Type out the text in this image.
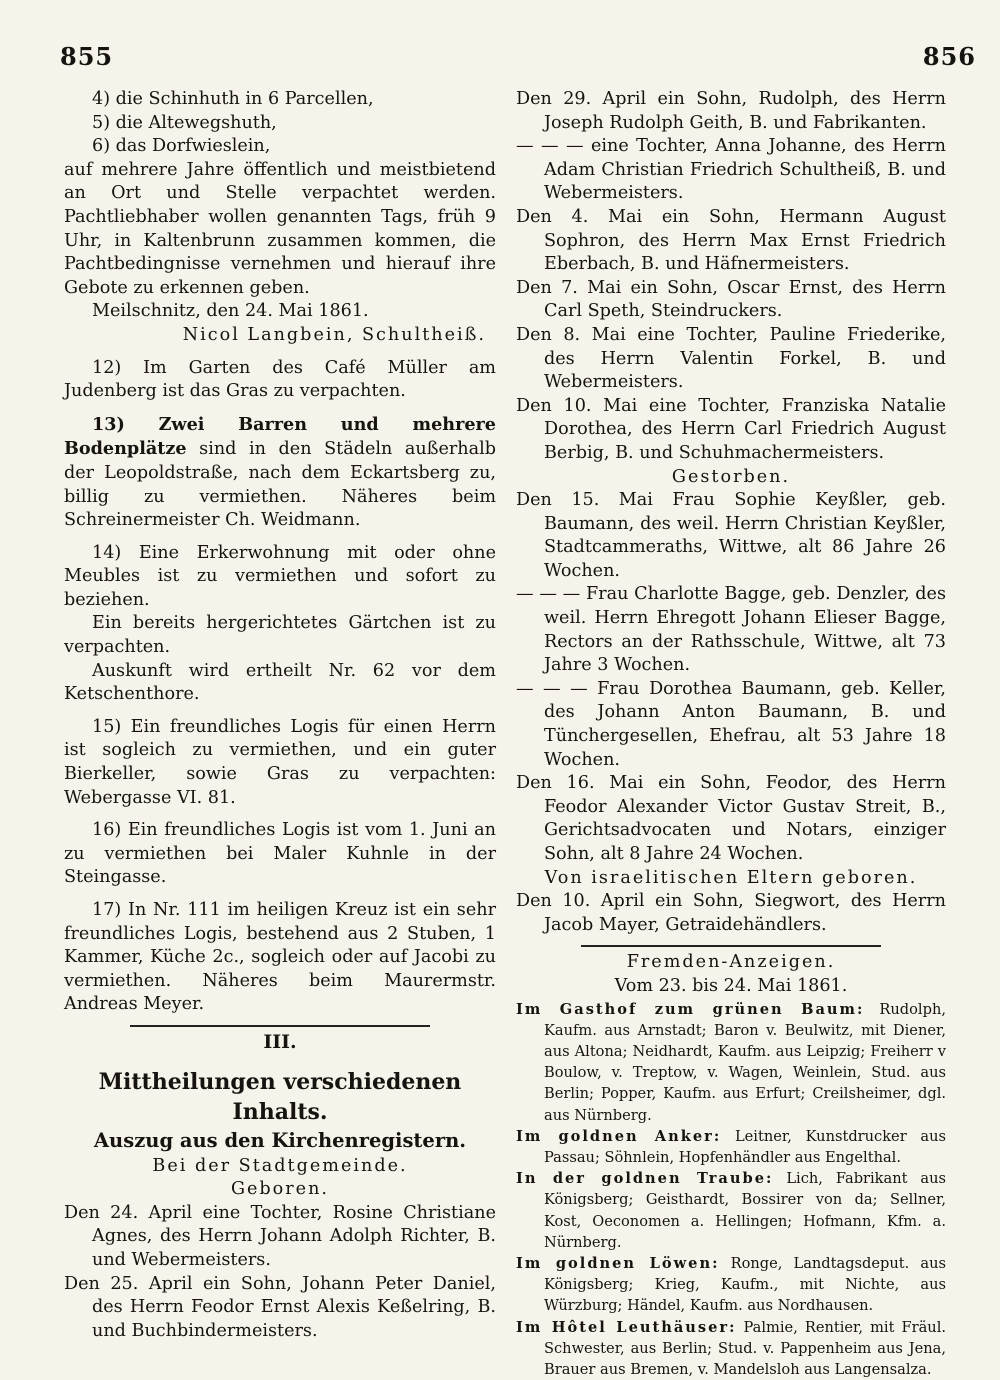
855	856

4) die Schinhuth in 6 Parcellen,

5) die Altewegshuth,

6) das Dorfwieslein,

auf mehrere Jahre öffentlich und meistbietend an Ort und Stelle verpachtet werden. Pachtliebhaber wollen genannten Tags, früh 9 Uhr, in Kaltenbrunn zusammen kommen, die Pachtbedingnisse vernehmen und hierauf ihre Gebote zu erkennen geben.

Meilschnitz, den 24. Mai 1861.

Nicol Langbein, Schultheiß.

12) Im Garten des Café Müller am Judenberg ist das Gras zu verpachten.

13) Zwei Barren und mehrere Bodenplätze sind in den Städeln außerhalb der Leopoldstraße, nach dem Eckartsberg zu, billig zu vermiethen. Näheres beim Schreinermeister Ch. Weidmann.

14) Eine Erkerwohnung mit oder ohne Meubles ist zu vermiethen und sofort zu beziehen.

Ein bereits hergerichtetes Gärtchen ist zu verpachten.

Auskunft wird ertheilt Nr. 62 vor dem Ketschenthore.

15) Ein freundliches Logis für einen Herrn ist sogleich zu vermiethen, und ein guter Bierkeller, sowie Gras zu verpachten: Webergasse VI. 81.

16) Ein freundliches Logis ist vom 1. Juni an zu vermiethen bei Maler Kuhnle in der Steingasse.

17) In Nr. 111 im heiligen Kreuz ist ein sehr freundliches Logis, bestehend aus 2 Stuben, 1 Kammer, Küche 2c., sogleich oder auf Jacobi zu vermiethen. Näheres beim Maurermstr. Andreas Meyer.

III.
Mittheilungen verschiedenen Inhalts.
Auszug aus den Kirchenregistern.

Bei der Stadtgemeinde.

Geboren.

Den 24. April eine Tochter, Rosine Christiane Agnes, des Herrn Johann Adolph Richter, B. und Webermeisters.

Den 25. April ein Sohn, Johann Peter Daniel, des Herrn Feodor Ernst Alexis Keßelring, B. und Buchbindermeisters.

Den 29. April ein Sohn, Rudolph, des Herrn Joseph Rudolph Geith, B. und Fabrikanten.

— — — eine Tochter, Anna Johanne, des Herrn Adam Christian Friedrich Schultheiß, B. und Webermeisters.

Den 4. Mai ein Sohn, Hermann August Sophron, des Herrn Max Ernst Friedrich Eberbach, B. und Häfnermeisters.

Den 7. Mai ein Sohn, Oscar Ernst, des Herrn Carl Speth, Steindruckers.

Den 8. Mai eine Tochter, Pauline Friederike, des Herrn Valentin Forkel, B. und Webermeisters.

Den 10. Mai eine Tochter, Franziska Natalie Dorothea, des Herrn Carl Friedrich August Berbig, B. und Schuhmachermeisters.

Gestorben.

Den 15. Mai Frau Sophie Keyßler, geb. Baumann, des weil. Herrn Christian Keyßler, Stadtcammeraths, Wittwe, alt 86 Jahre 26 Wochen.

— — — Frau Charlotte Bagge, geb. Denzler, des weil. Herrn Ehregott Johann Elieser Bagge, Rectors an der Rathsschule, Wittwe, alt 73 Jahre 3 Wochen.

— — — Frau Dorothea Baumann, geb. Keller, des Johann Anton Baumann, B. und Tünchergesellen, Ehefrau, alt 53 Jahre 18 Wochen.

Den 16. Mai ein Sohn, Feodor, des Herrn Feodor Alexander Victor Gustav Streit, B., Gerichtsadvocaten und Notars, einziger Sohn, alt 8 Jahre 24 Wochen.

Von israelitischen Eltern geboren.

Den 10. April ein Sohn, Siegwort, des Herrn Jacob Mayer, Getraidehändlers.

Fremden-Anzeigen.

Vom 23. bis 24. Mai 1861.

Im Gasthof zum grünen Baum: Rudolph, Kaufm. aus Arnstadt; Baron v. Beulwitz, mit Diener, aus Altona; Neidhardt, Kaufm. aus Leipzig; Freiherr v Boulow, v. Treptow, v. Wagen, Weinlein, Stud. aus Berlin; Popper, Kaufm. aus Erfurt; Creilsheimer, dgl. aus Nürnberg.

Im goldnen Anker: Leitner, Kunstdrucker aus Passau; Söhnlein, Hopfenhändler aus Engelthal.

In der goldnen Traube: Lich, Fabrikant aus Königsberg; Geisthardt, Bossirer von da; Sellner, Kost, Oeconomen a. Hellingen; Hofmann, Kfm. a. Nürnberg.

Im goldnen Löwen: Ronge, Landtagsdeput. aus Königsberg; Krieg, Kaufm., mit Nichte, aus Würzburg; Händel, Kaufm. aus Nordhausen.

Im Hôtel Leuthäuser: Palmie, Rentier, mit Fräul. Schwester, aus Berlin; Stud. v. Pappenheim aus Jena, Brauer aus Bremen, v. Mandelsloh aus Langensalza.
